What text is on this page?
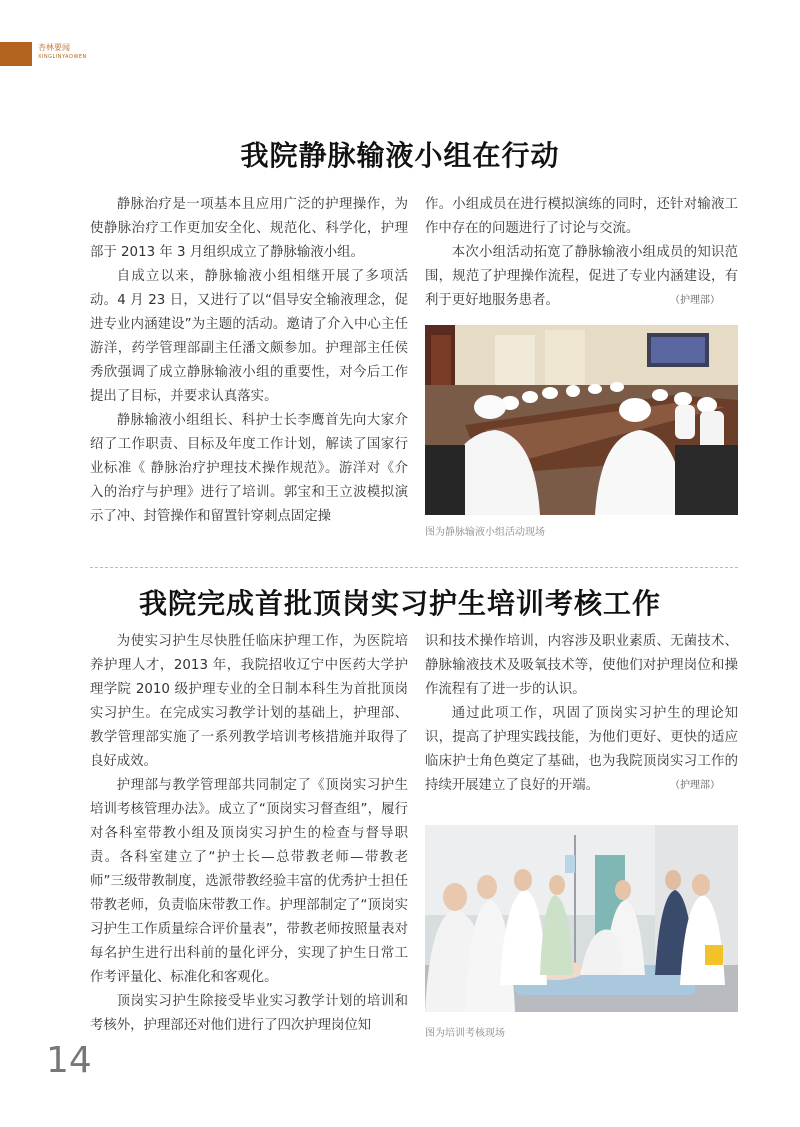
杏林要闻
XINGLINYAOWEN
我院静脉输液小组在行动

静脉治疗是一项基本且应用广泛的护理操作，为使静脉治疗工作更加安全化、规范化、科学化，护理部于 2013 年 3 月组织成立了静脉输液小组。

自成立以来，静脉输液小组相继开展了多项活动。4 月 23 日，又进行了以“倡导安全输液理念，促进专业内涵建设”为主题的活动。邀请了介入中心主任游洋，药学管理部副主任潘文颇参加。护理部主任侯秀欣强调了成立静脉输液小组的重要性，对今后工作提出了目标，并要求认真落实。

静脉输液小组组长、科护士长李鹰首先向大家介绍了工作职责、目标及年度工作计划，解读了国家行业标准《 静脉治疗护理技术操作规范》。游洋对《介入的治疗与护理》进行了培训。郭宝和王立波模拟演示了冲、封管操作和留置针穿刺点固定操

作。小组成员在进行模拟演练的同时，还针对输液工作中存在的问题进行了讨论与交流。

本次小组活动拓宽了静脉输液小组成员的知识范围，规范了护理操作流程，促进了专业内涵建设，有利于更好地服务患者。	（护理部）

图为静脉输液小组活动现场
我院完成首批顶岗实习护生培训考核工作

为使实习护生尽快胜任临床护理工作，为医院培养护理人才，2013 年，我院招收辽宁中医药大学护理学院 2010 级护理专业的全日制本科生为首批顶岗实习护生。在完成实习教学计划的基础上，护理部、教学管理部实施了一系列教学培训考核措施并取得了良好成效。

护理部与教学管理部共同制定了《顶岗实习护生培训考核管理办法》。成立了“顶岗实习督查组”，履行对各科室带教小组及顶岗实习护生的检查与督导职责。各科室建立了“护士长—总带教老师—带教老师”三级带教制度，选派带教经验丰富的优秀护士担任带教老师，负责临床带教工作。护理部制定了“顶岗实习护生工作质量综合评价量表”，带教老师按照量表对每名护生进行出科前的量化评分，实现了护生日常工作考评量化、标准化和客观化。

顶岗实习护生除接受毕业实习教学计划的培训和考核外，护理部还对他们进行了四次护理岗位知

识和技术操作培训，内容涉及职业素质、无菌技术、静脉输液技术及吸氧技术等，使他们对护理岗位和操作流程有了进一步的认识。

通过此项工作，巩固了顶岗实习护生的理论知识，提高了护理实践技能，为他们更好、更快的适应临床护士角色奠定了基础，也为我院顶岗实习工作的持续开展建立了良好的开端。	（护理部）

图为培训考核现场
14
